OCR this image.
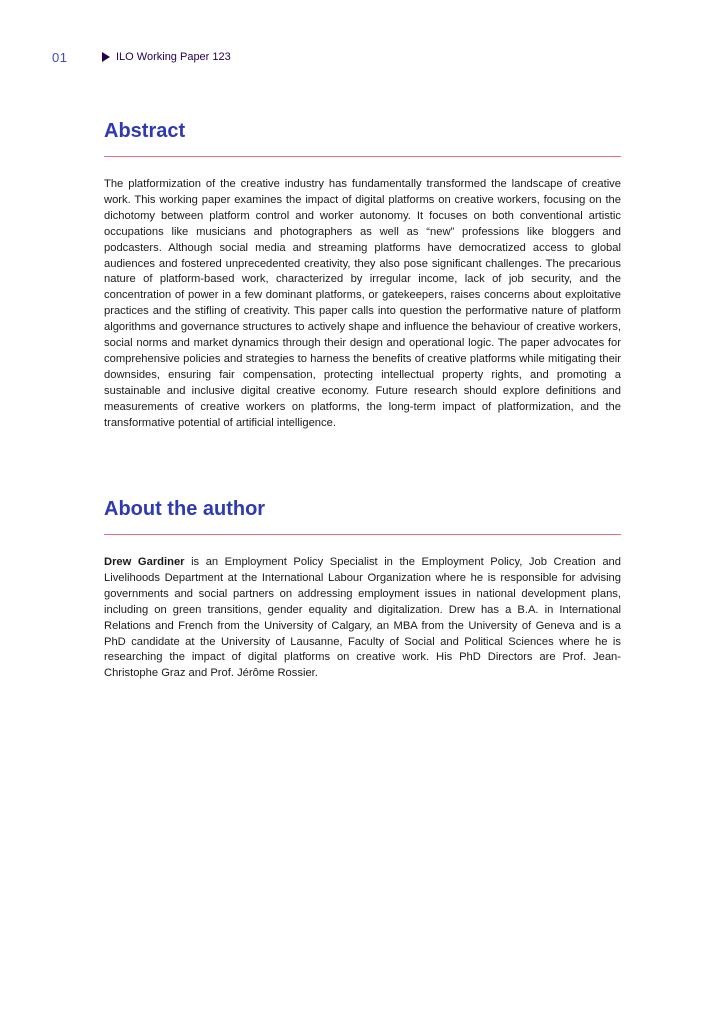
01	ILO Working Paper 123
Abstract

The platformization of the creative industry has fundamentally transformed the landscape of creative work. This working paper examines the impact of digital platforms on creative workers, focusing on the dichotomy between platform control and worker autonomy. It focuses on both conventional artistic occupations like musicians and photographers as well as “new” professions like bloggers and podcasters. Although social media and streaming platforms have democratized access to global audiences and fostered unprecedented creativity, they also pose significant challenges. The precarious nature of platform-based work, characterized by irregular income, lack of job security, and the concentration of power in a few dominant platforms, or gatekeepers, raises concerns about exploitative practices and the stifling of creativity. This paper calls into question the performative nature of platform algorithms and governance structures to actively shape and influence the behaviour of creative workers, social norms and market dynamics through their design and operational logic. The paper advocates for comprehensive policies and strategies to harness the benefits of creative platforms while mitigating their downsides, ensuring fair compensation, protecting intellectual property rights, and promoting a sustainable and inclusive digital creative economy. Future research should explore definitions and measurements of creative workers on platforms, the long-term impact of platformization, and the transformative potential of artificial intelligence.

About the author

Drew Gardiner is an Employment Policy Specialist in the Employment Policy, Job Creation and Livelihoods Department at the International Labour Organization where he is responsible for advising governments and social partners on addressing employment issues in national development plans, including on green transitions, gender equality and digitalization. Drew has a B.A. in International Relations and French from the University of Calgary, an MBA from the University of Geneva and is a PhD candidate at the University of Lausanne, Faculty of Social and Political Sciences where he is researching the impact of digital platforms on creative work. His PhD Directors are Prof. Jean-Christophe Graz and Prof. Jérôme Rossier.
